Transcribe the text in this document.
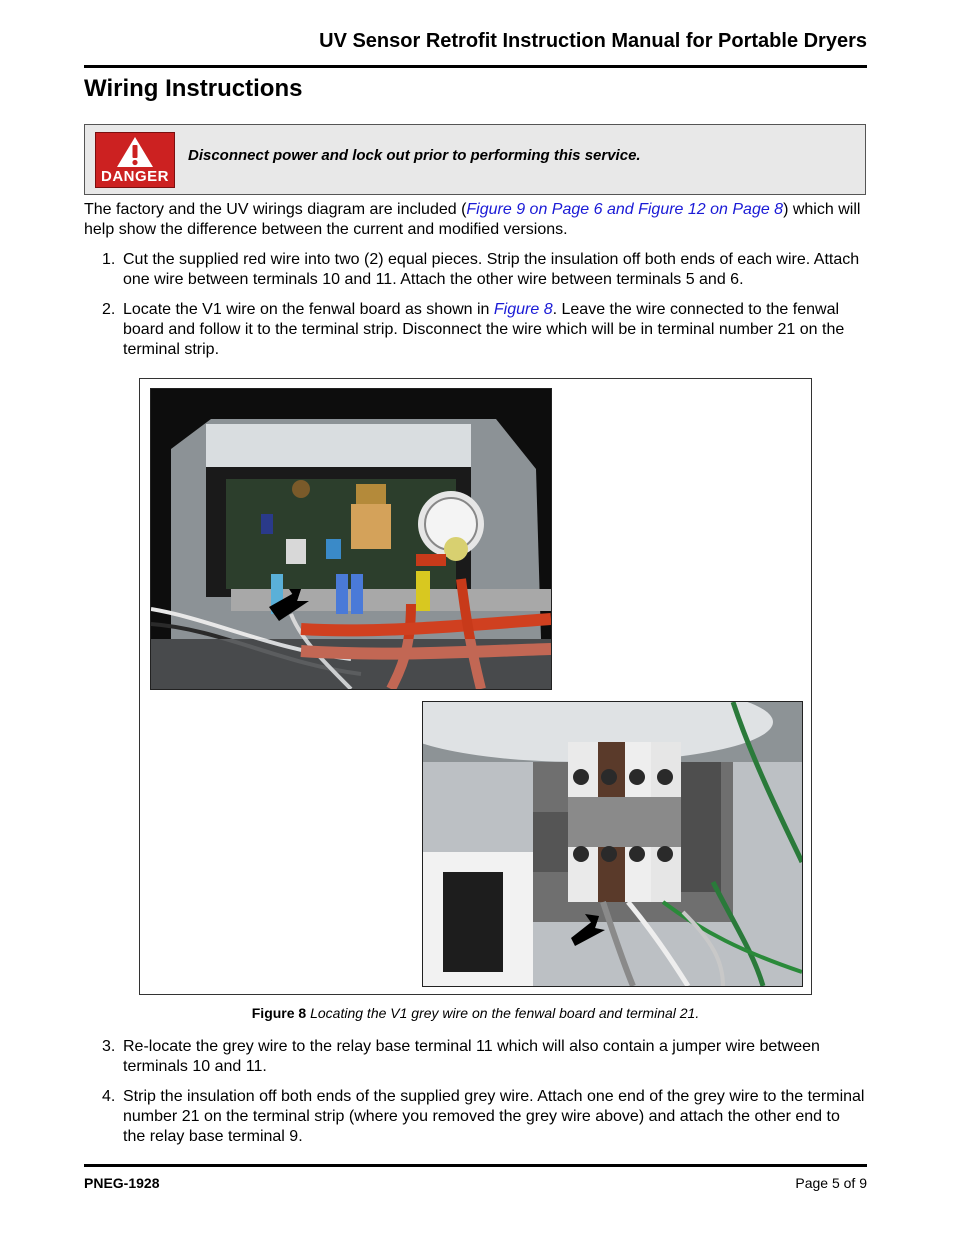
UV Sensor Retrofit Instruction Manual for Portable Dryers
Wiring Instructions
DANGER
Disconnect power and lock out prior to performing this service.
The factory and the UV wirings diagram are included (Figure 9 on Page 6 and Figure 12 on Page 8) which will help show the difference between the current and modified versions.
1. Cut the supplied red wire into two (2) equal pieces. Strip the insulation off both ends of each wire. Attach one wire between terminals 10 and 11. Attach the other wire between terminals 5 and 6.
2. Locate the V1 wire on the fenwal board as shown in Figure 8. Leave the wire connected to the fenwal board and follow it to the terminal strip. Disconnect the wire which will be in terminal number 21 on the terminal strip.
Figure 8 Locating the V1 grey wire on the fenwal board and terminal 21.
3. Re-locate the grey wire to the relay base terminal 11 which will also contain a jumper wire between terminals 10 and 11.
4. Strip the insulation off both ends of the supplied grey wire. Attach one end of the grey wire to the terminal number 21 on the terminal strip (where you removed the grey wire above) and attach the other end to the relay base terminal 9.
PNEG-1928	Page 5 of 9
